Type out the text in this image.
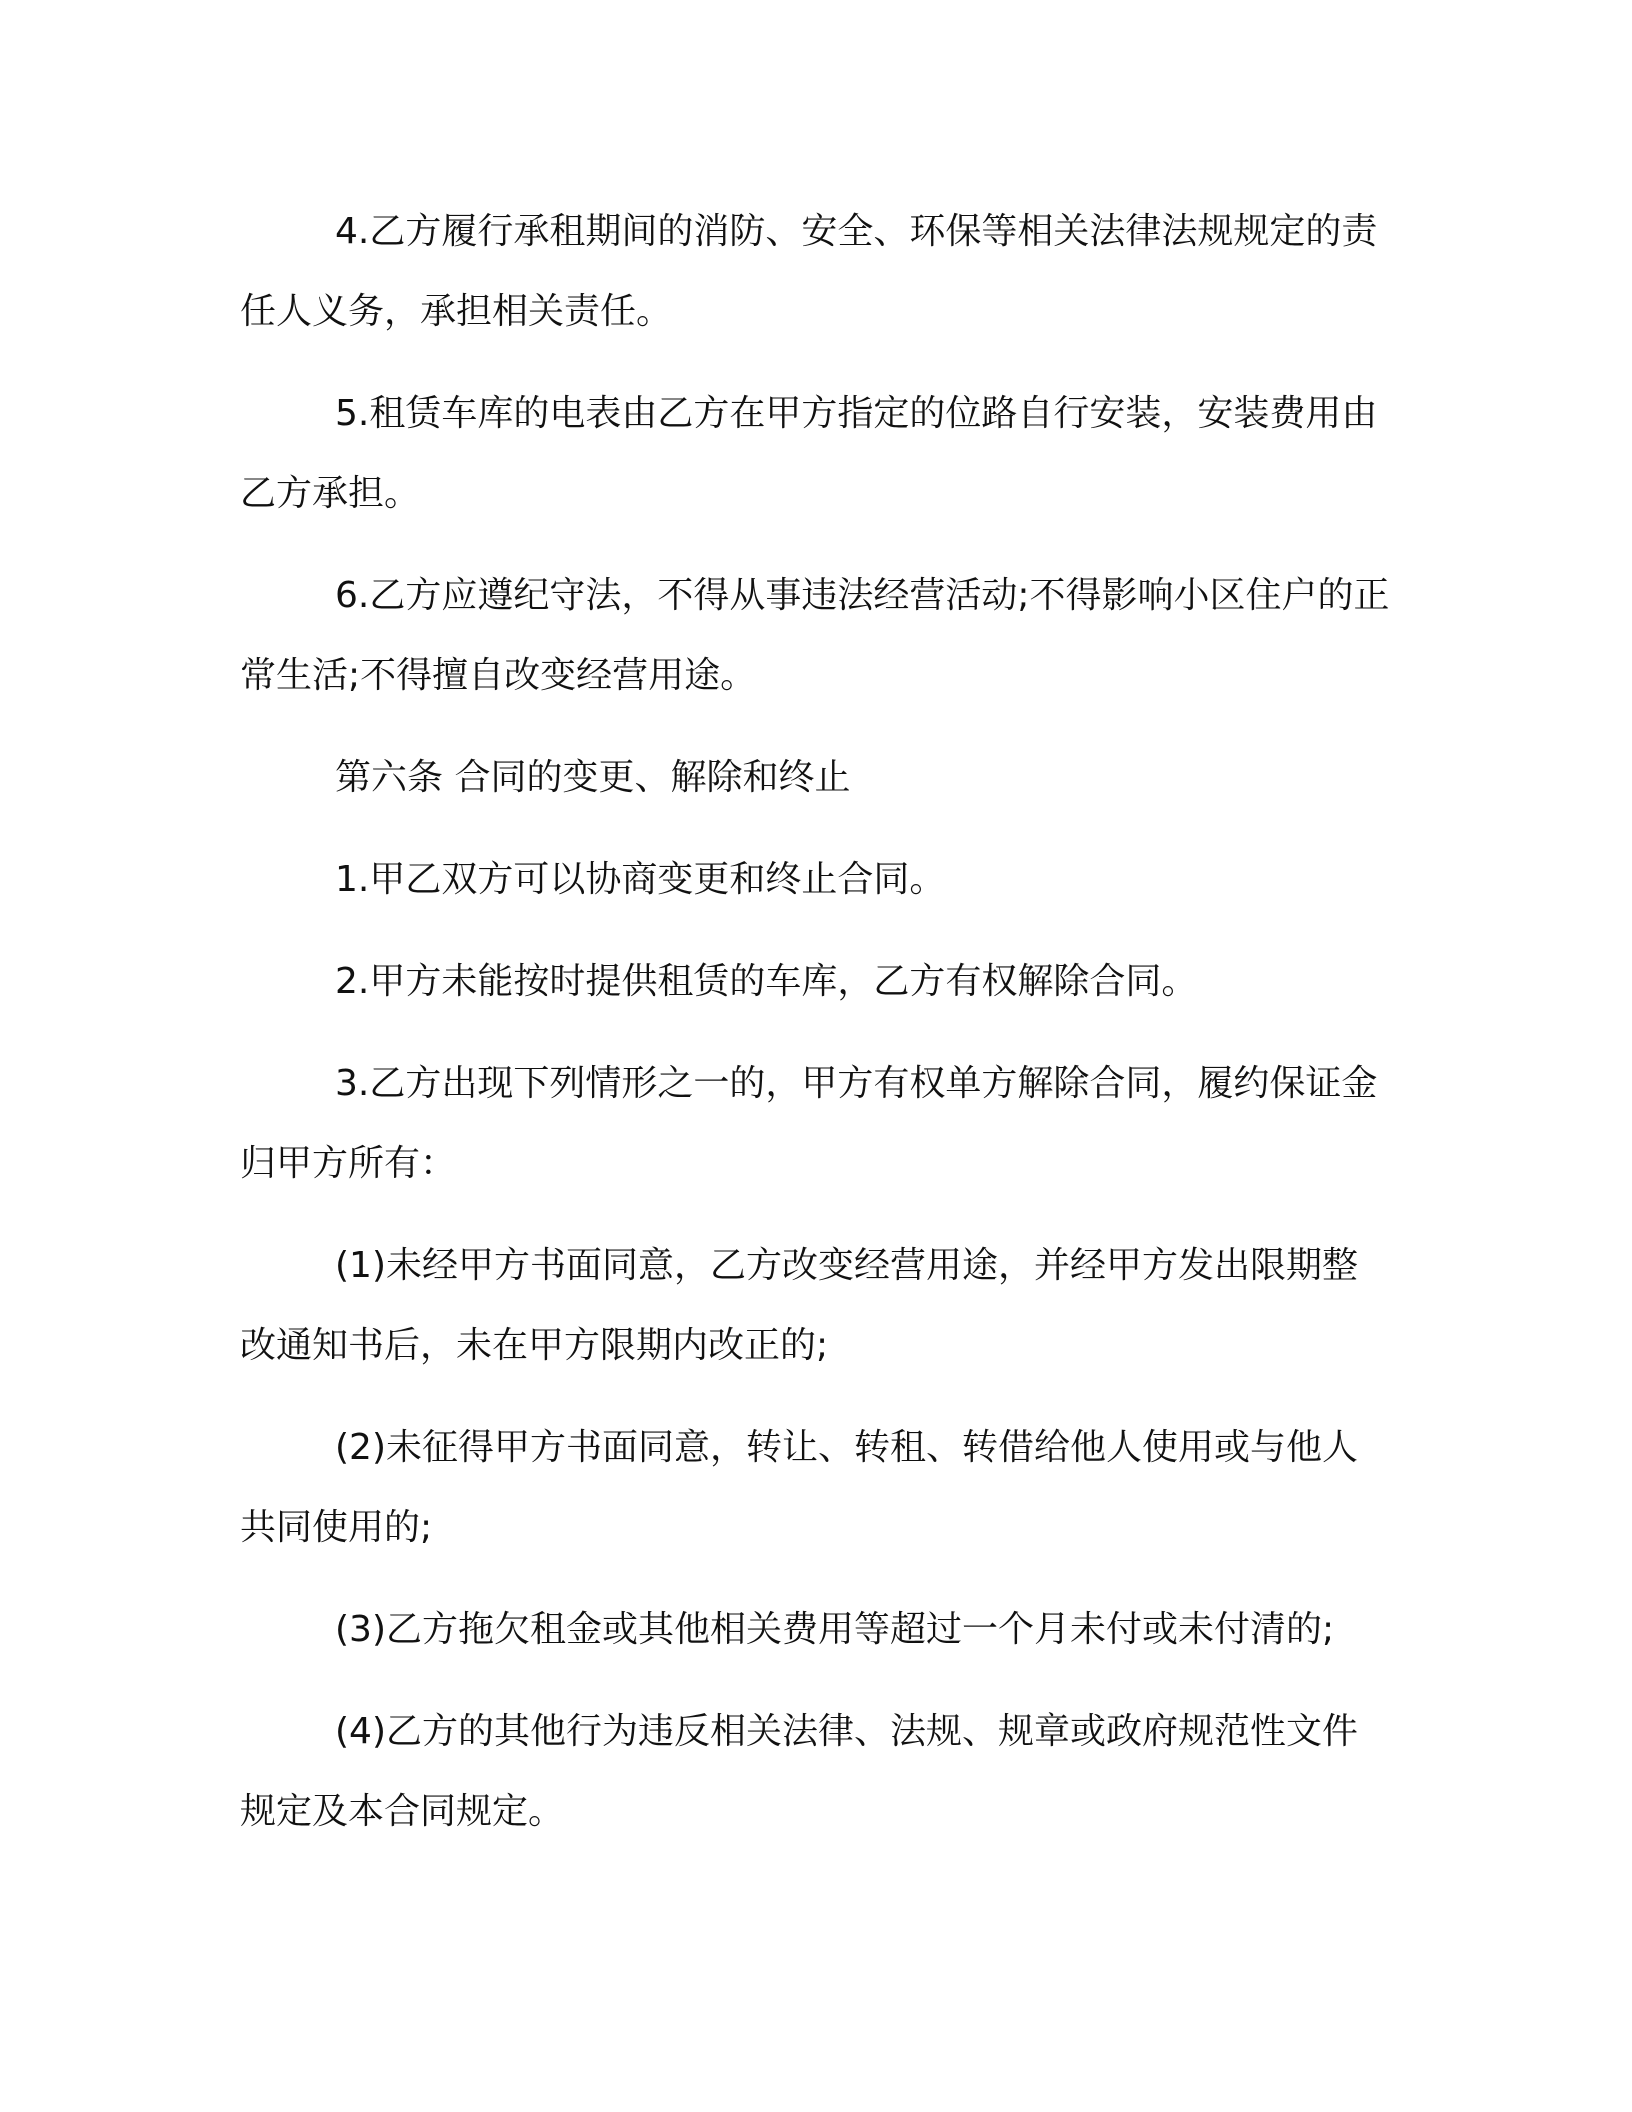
4.乙方履行承租期间的消防、安全、环保等相关法律法规规定的责任人义务，承担相关责任。

5.租赁车库的电表由乙方在甲方指定的位路自行安装，安装费用由乙方承担。

6.乙方应遵纪守法，不得从事违法经营活动;不得影响小区住户的正常生活;不得擅自改变经营用途。

第六条 合同的变更、解除和终止

1.甲乙双方可以协商变更和终止合同。

2.甲方未能按时提供租赁的车库，乙方有权解除合同。

3.乙方出现下列情形之一的，甲方有权单方解除合同，履约保证金归甲方所有：

(1)未经甲方书面同意，乙方改变经营用途，并经甲方发出限期整改通知书后，未在甲方限期内改正的;

(2)未征得甲方书面同意，转让、转租、转借给他人使用或与他人共同使用的;

(3)乙方拖欠租金或其他相关费用等超过一个月未付或未付清的;

(4)乙方的其他行为违反相关法律、法规、规章或政府规范性文件规定及本合同规定。
